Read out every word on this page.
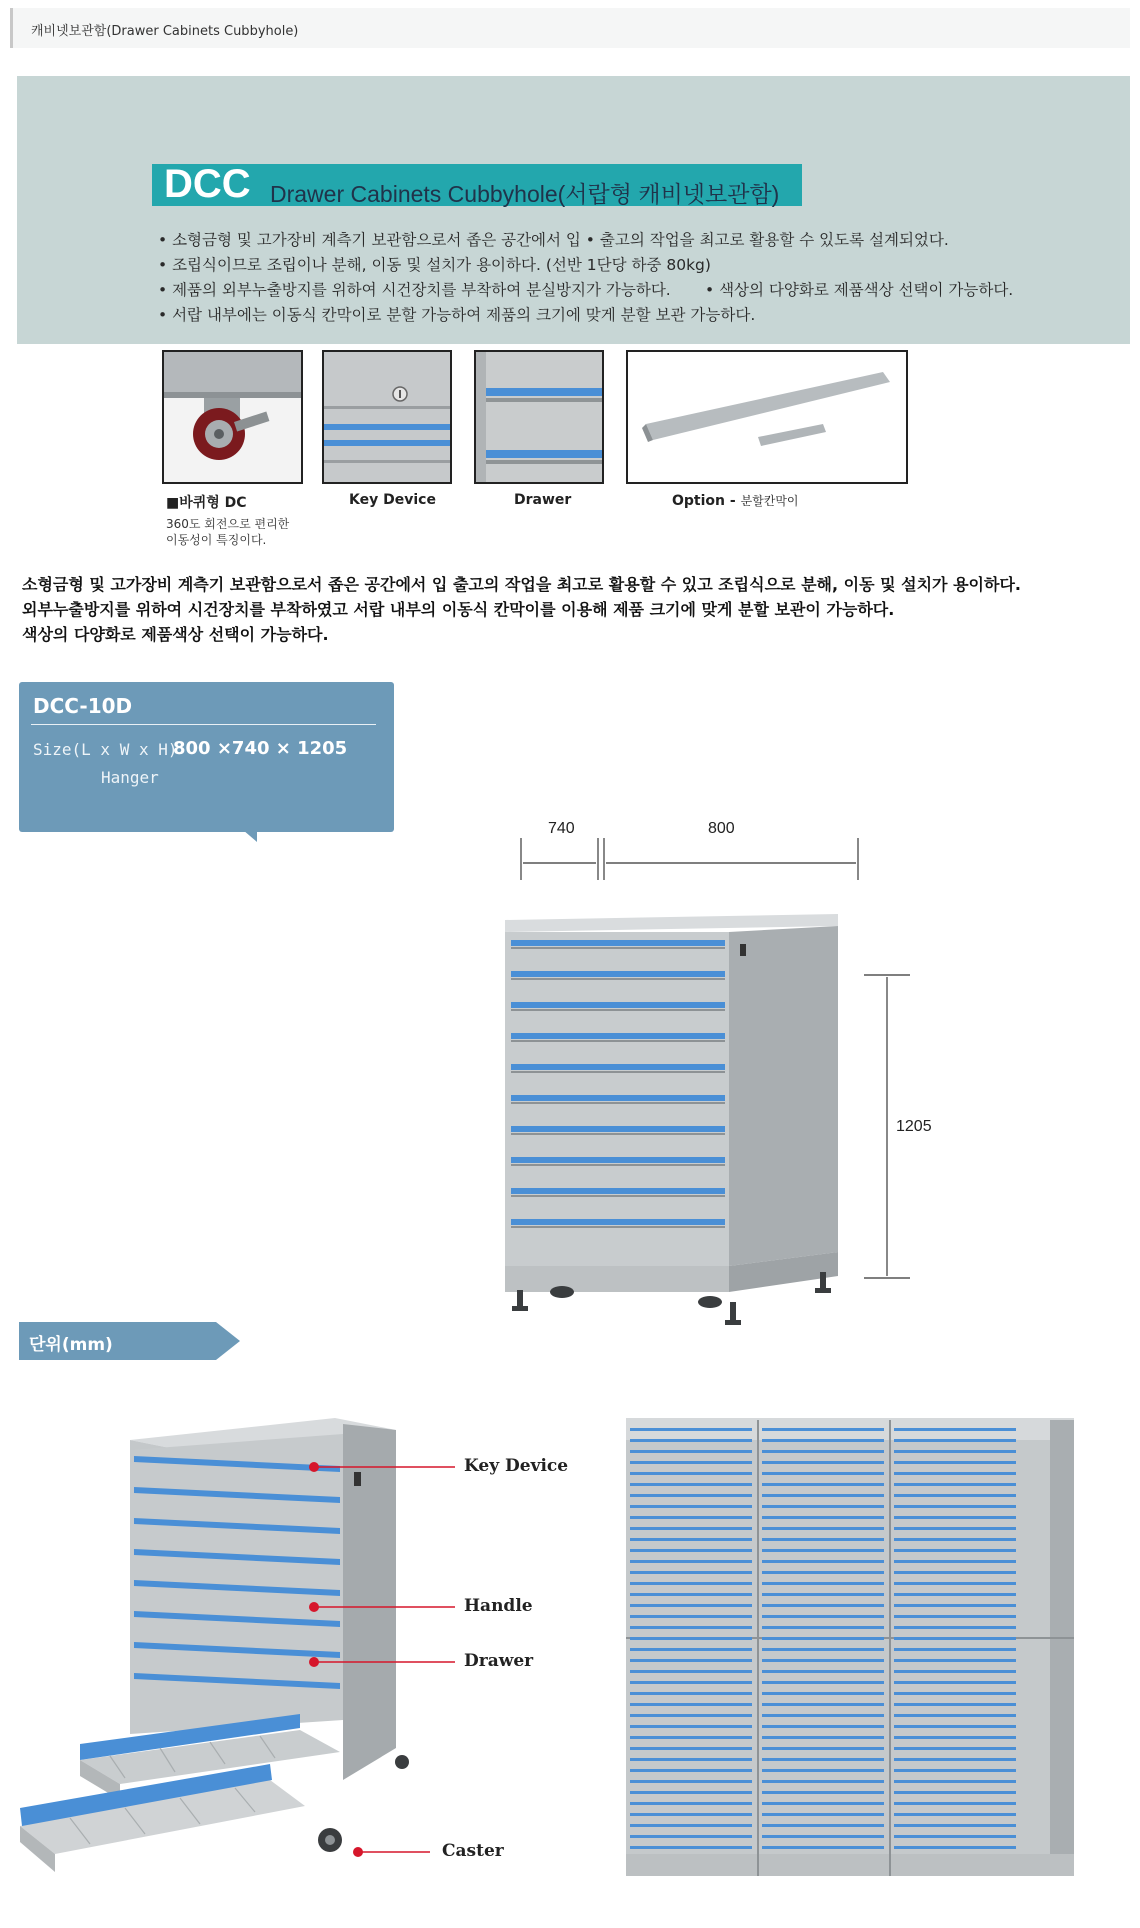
캐비넷보관함(Drawer Cabinets Cubbyhole)
DCC Drawer Cabinets Cubbyhole(서랍형 캐비넷보관함)
• 소형금형 및 고가장비 계측기 보관함으로서 좁은 공간에서 입 • 출고의 작업을 최고로 활용할 수 있도록 설계되었다.
• 조립식이므로 조립이나 분해, 이동 및 설치가 용이하다. (선반 1단당 하중 80kg)
• 제품의 외부누출방지를 위하여 시건장치를 부착하여 분실방지가 가능하다. • 색상의 다양화로 제품색상 선택이 가능하다.
• 서랍 내부에는 이동식 칸막이로 분할 가능하여 제품의 크기에 맞게 분할 보관 가능하다.
■바퀴형 DC
360도 회전으로 편리한
이동성이 특징이다.
Key Device	Drawer	Option - 분할칸막이
소형금형 및 고가장비 계측기 보관함으로서 좁은 공간에서 입 출고의 작업을 최고로 활용할 수 있고 조립식으로 분해, 이동 및 설치가 용이하다.
외부누출방지를 위하여 시건장치를 부착하였고 서랍 내부의 이동식 칸막이를 이용해 제품 크기에 맞게 분할 보관이 가능하다.
색상의 다양화로 제품색상 선택이 가능하다.
DCC-10D
Size(L x W x H)
800 ×740 × 1205
Hanger
740	800
1205
단위(mm)
Key Device
Handle
Drawer
Caster
